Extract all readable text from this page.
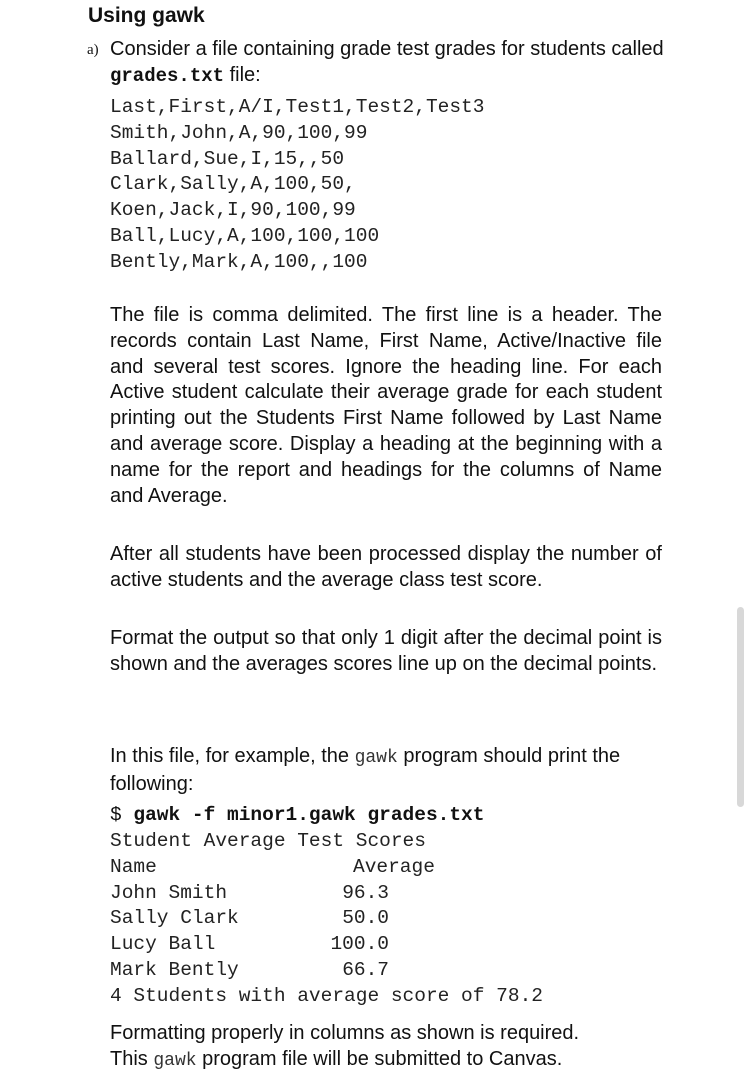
Using gawk
a) Consider a file containing grade test grades for students called grades.txt file:
Last,First,A/I,Test1,Test2,Test3
Smith,John,A,90,100,99
Ballard,Sue,I,15,,50
Clark,Sally,A,100,50,
Koen,Jack,I,90,100,99
Ball,Lucy,A,100,100,100
Bently,Mark,A,100,,100

The file is comma delimited. The first line is a header. The records contain Last Name, First Name, Active/Inactive file and several test scores. Ignore the heading line. For each Active student calculate their average grade for each student printing out the Students First Name followed by Last Name and average score. Display a heading at the beginning with a name for the report and headings for the columns of Name and Average.

After all students have been processed display the number of active students and the average class test score.

Format the output so that only 1 digit after the decimal point is shown and the averages scores line up on the decimal points.

In this file, for example, the gawk program should print the following:

$ gawk -f minor1.gawk grades.txt
Student Average Test Scores
Name	Average
John Smith	96.3
Sally Clark	50.0
Lucy Ball	100.0
Mark Bently	66.7
4 Students with average score of 78.2

Formatting properly in columns as shown is required.
This gawk program file will be submitted to Canvas.
